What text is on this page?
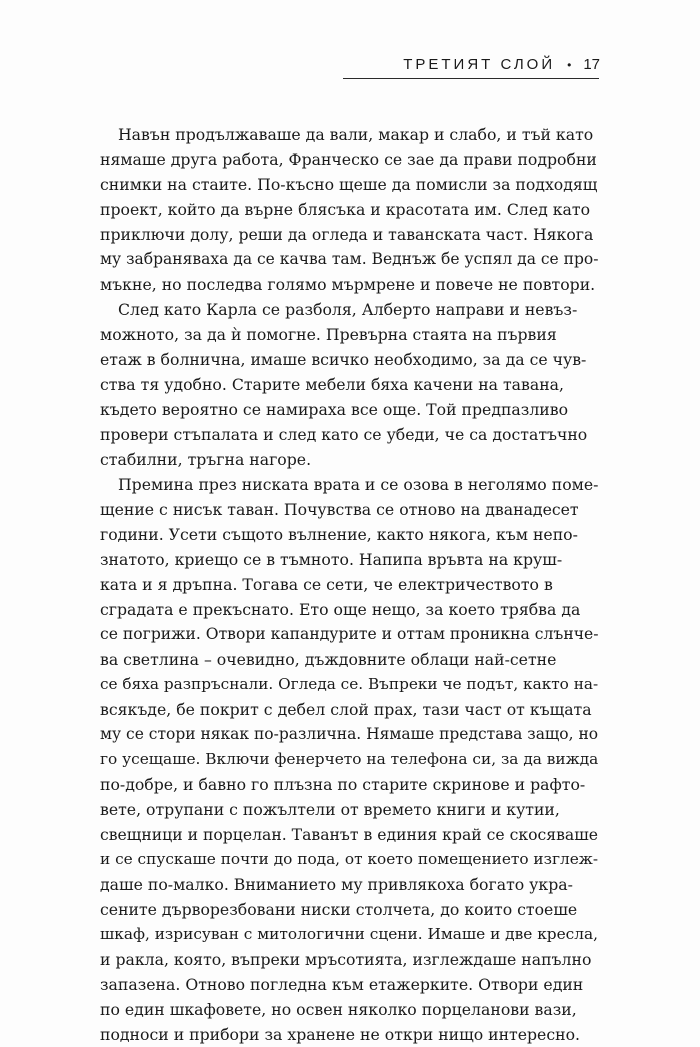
ТРЕТИЯТ СЛОЙ • 17
Навън продължаваше да вали, макар и слабо, и тъй като
нямаше друга работа, Франческо се зае да прави подробни
снимки на стаите. По-късно щеше да помисли за подходящ
проект, който да върне блясъка и красотата им. След като
приключи долу, реши да огледа и таванската част. Някога
му забраняваха да се качва там. Веднъж бе успял да се про-
мъкне, но последва голямо мърмрене и повече не повтори.
След като Карла се разболя, Алберто направи и невъз-
можното, за да ѝ помогне. Превърна стаята на първия
етаж в болнична, имаше всичко необходимо, за да се чув-
ства тя удобно. Старите мебели бяха качени на тавана,
където вероятно се намираха все още. Той предпазливо
провери стъпалата и след като се убеди, че са достатъчно
стабилни, тръгна нагоре.
Премина през ниската врата и се озова в неголямо поме-
щение с нисък таван. Почувства се отново на дванадесет
години. Усети същото вълнение, както някога, към непо-
знатото, криещо се в тъмното. Напипа връвта на круш-
ката и я дръпна. Тогава се сети, че електричеството в
сградата е прекъснато. Ето още нещо, за което трябва да
се погрижи. Отвори капандурите и оттам проникна слънче-
ва светлина – очевидно, дъждовните облаци най-сетне
се бяха разпръснали. Огледа се. Въпреки че подът, както на-
всякъде, бе покрит с дебел слой прах, тази част от къщата
му се стори някак по-различна. Нямаше представа защо, но
го усещаше. Включи фенерчето на телефона си, за да вижда
по-добре, и бавно го плъзна по старите скринове и рафто-
вете, отрупани с пожълтели от времето книги и кутии,
свещници и порцелан. Таванът в единия край се скосяваше
и се спускаше почти до пода, от което помещението изглеж-
даше по-малко. Вниманието му привлякоха богато укра-
сените дърворезбовани ниски столчета, до които стоеше
шкаф, изрисуван с митологични сцени. Имаше и две кресла,
и ракла, която, въпреки мръсотията, изглеждаше напълно
запазена. Отново погледна към етажерките. Отвори един
по един шкафовете, но освен няколко порцеланови вази,
подноси и прибори за хранене не откри нищо интересно.
